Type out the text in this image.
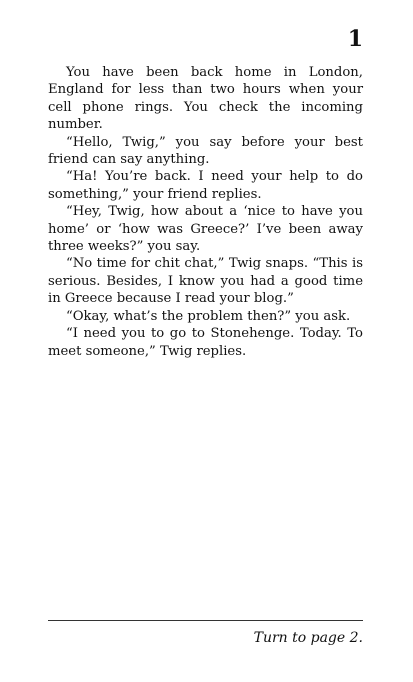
1

You have been back home in London, England for less than two hours when your cell phone rings. You check the incoming number.

“Hello, Twig,” you say before your best friend can say anything.

“Ha! You’re back. I need your help to do something,” your friend replies.

“Hey, Twig, how about a ‘nice to have you home’ or ‘how was Greece?’ I’ve been away three weeks?” you say.

“No time for chit chat,” Twig snaps. “This is serious. Besides, I know you had a good time in Greece because I read your blog.”

“Okay, what’s the problem then?” you ask.

“I need you to go to Stonehenge. Today. To meet someone,” Twig replies.

Turn to page 2.
